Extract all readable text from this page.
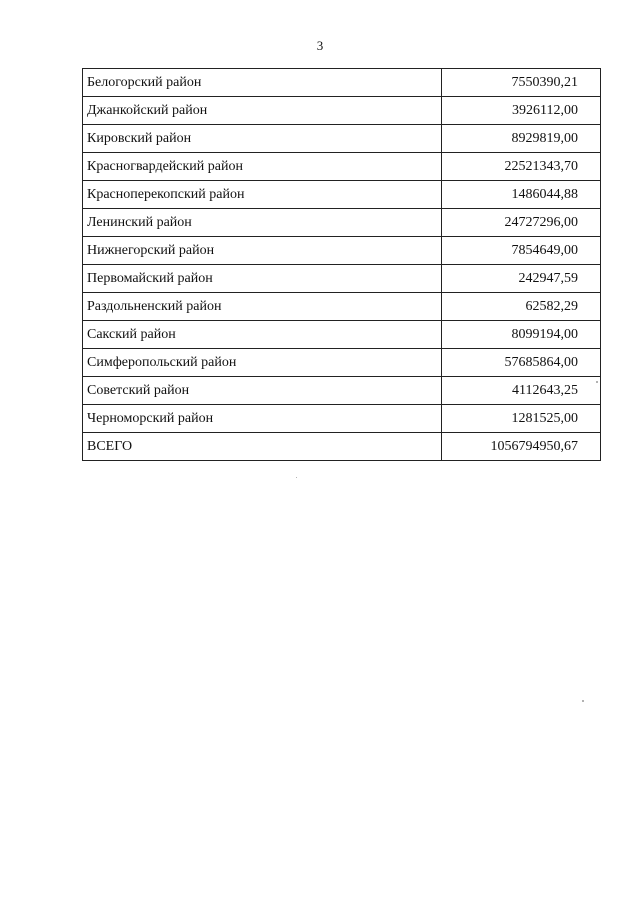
3
Белогорский район	7550390,21
Джанкойский район	3926112,00
Кировский район	8929819,00
Красногвардейский район	22521343,70
Красноперекопский район	1486044,88
Ленинский район	24727296,00
Нижнегорский район	7854649,00
Первомайский район	242947,59
Раздольненский район	62582,29
Сакский район	8099194,00
Симферопольский район	57685864,00
Советский район	4112643,25
Черноморский район	1281525,00
ВСЕГО	1056794950,67
